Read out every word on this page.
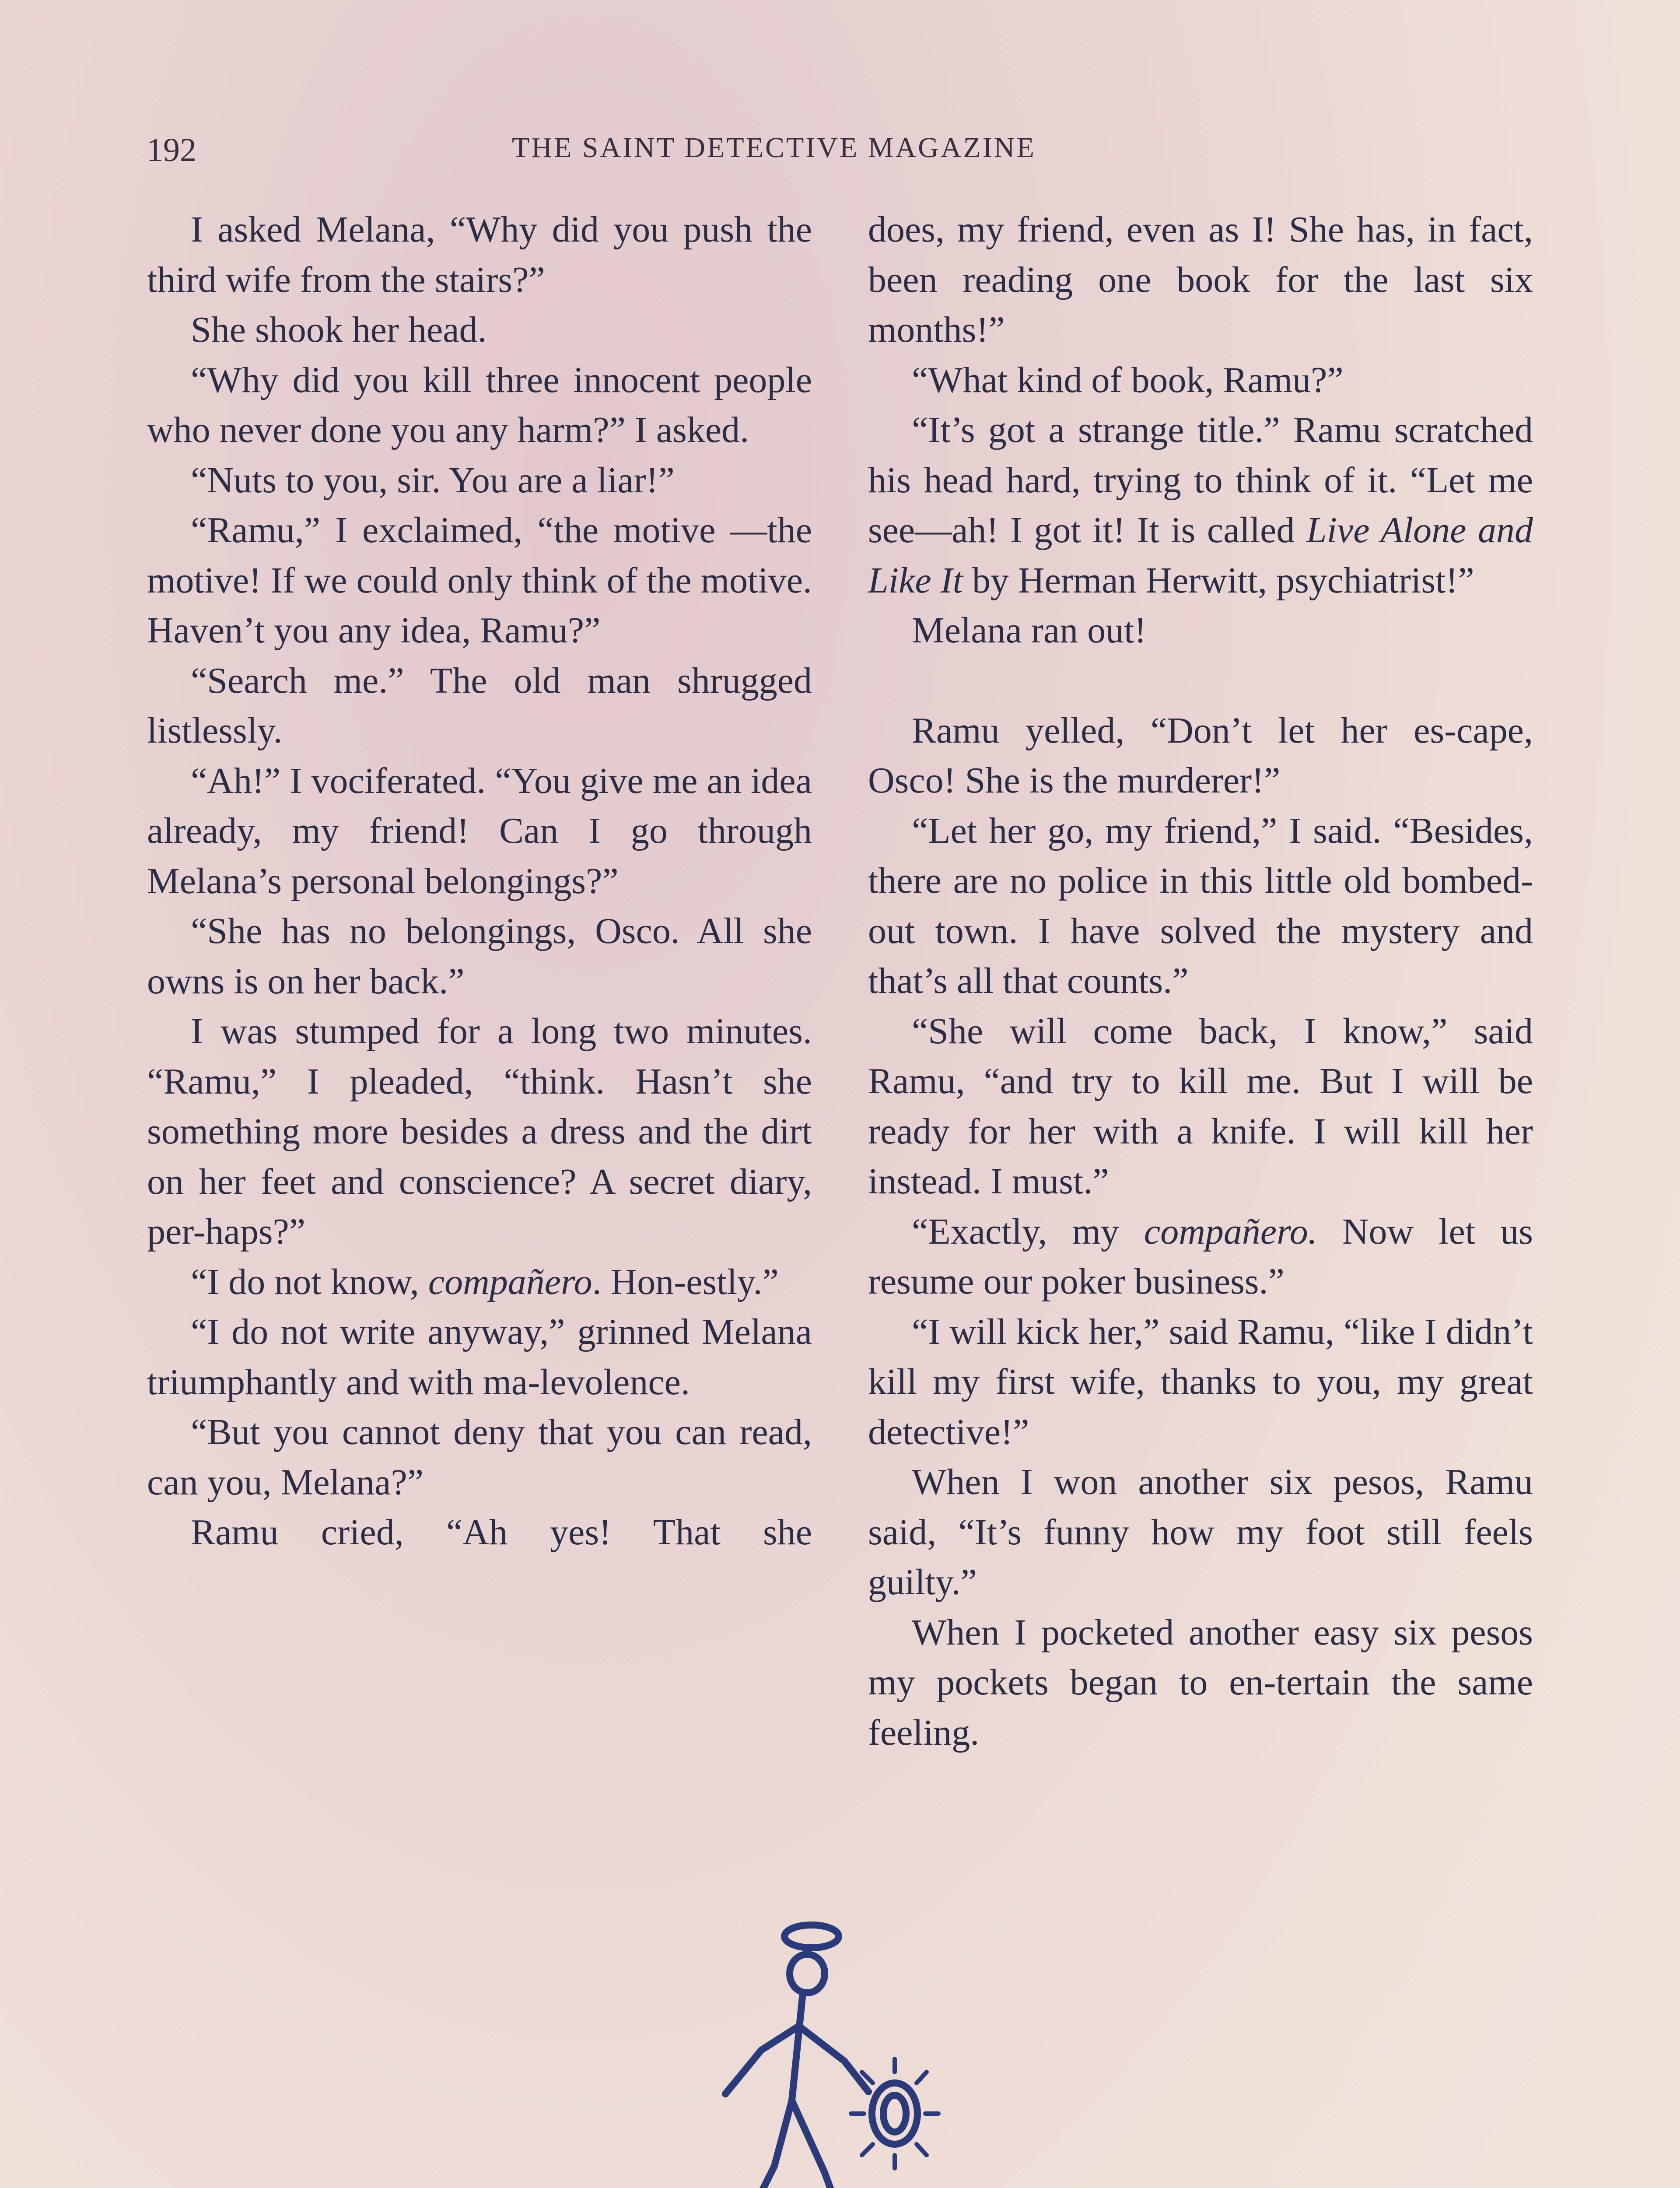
192	THE SAINT DETECTIVE MAGAZINE

I asked Melana, “Why did you push the third wife from the stairs?”

She shook her head.

“Why did you kill three innocent people who never done you any harm?” I asked.

“Nuts to you, sir. You are a liar!”

“Ramu,” I exclaimed, “the motive —the motive! If we could only think of the motive. Haven’t you any idea, Ramu?”

“Search me.” The old man shrugged listlessly.

“Ah!” I vociferated. “You give me an idea already, my friend! Can I go through Melana’s personal belongings?”

“She has no belongings, Osco. All she owns is on her back.”

I was stumped for a long two minutes. “Ramu,” I pleaded, “think. Hasn’t she something more besides a dress and the dirt on her feet and conscience? A secret diary, per-haps?”

“I do not know, compañero. Hon-estly.”

“I do not write anyway,” grinned Melana triumphantly and with ma-levolence.

“But you cannot deny that you can read, can you, Melana?”

Ramu cried, “Ah yes! That she

does, my friend, even as I! She has, in fact, been reading one book for the last six months!”

“What kind of book, Ramu?”

“It’s got a strange title.” Ramu scratched his head hard, trying to think of it. “Let me see—ah! I got it! It is called Live Alone and Like It by Herman Herwitt, psychiatrist!”

Melana ran out!

Ramu yelled, “Don’t let her es-cape, Osco! She is the murderer!”

“Let her go, my friend,” I said. “Besides, there are no police in this little old bombed-out town. I have solved the mystery and that’s all that counts.”

“She will come back, I know,” said Ramu, “and try to kill me. But I will be ready for her with a knife. I will kill her instead. I must.”

“Exactly, my compañero. Now let us resume our poker business.”

“I will kick her,” said Ramu, “like I didn’t kill my first wife, thanks to you, my great detective!”

When I won another six pesos, Ramu said, “It’s funny how my foot still feels guilty.”

When I pocketed another easy six pesos my pockets began to en-tertain the same feeling.
